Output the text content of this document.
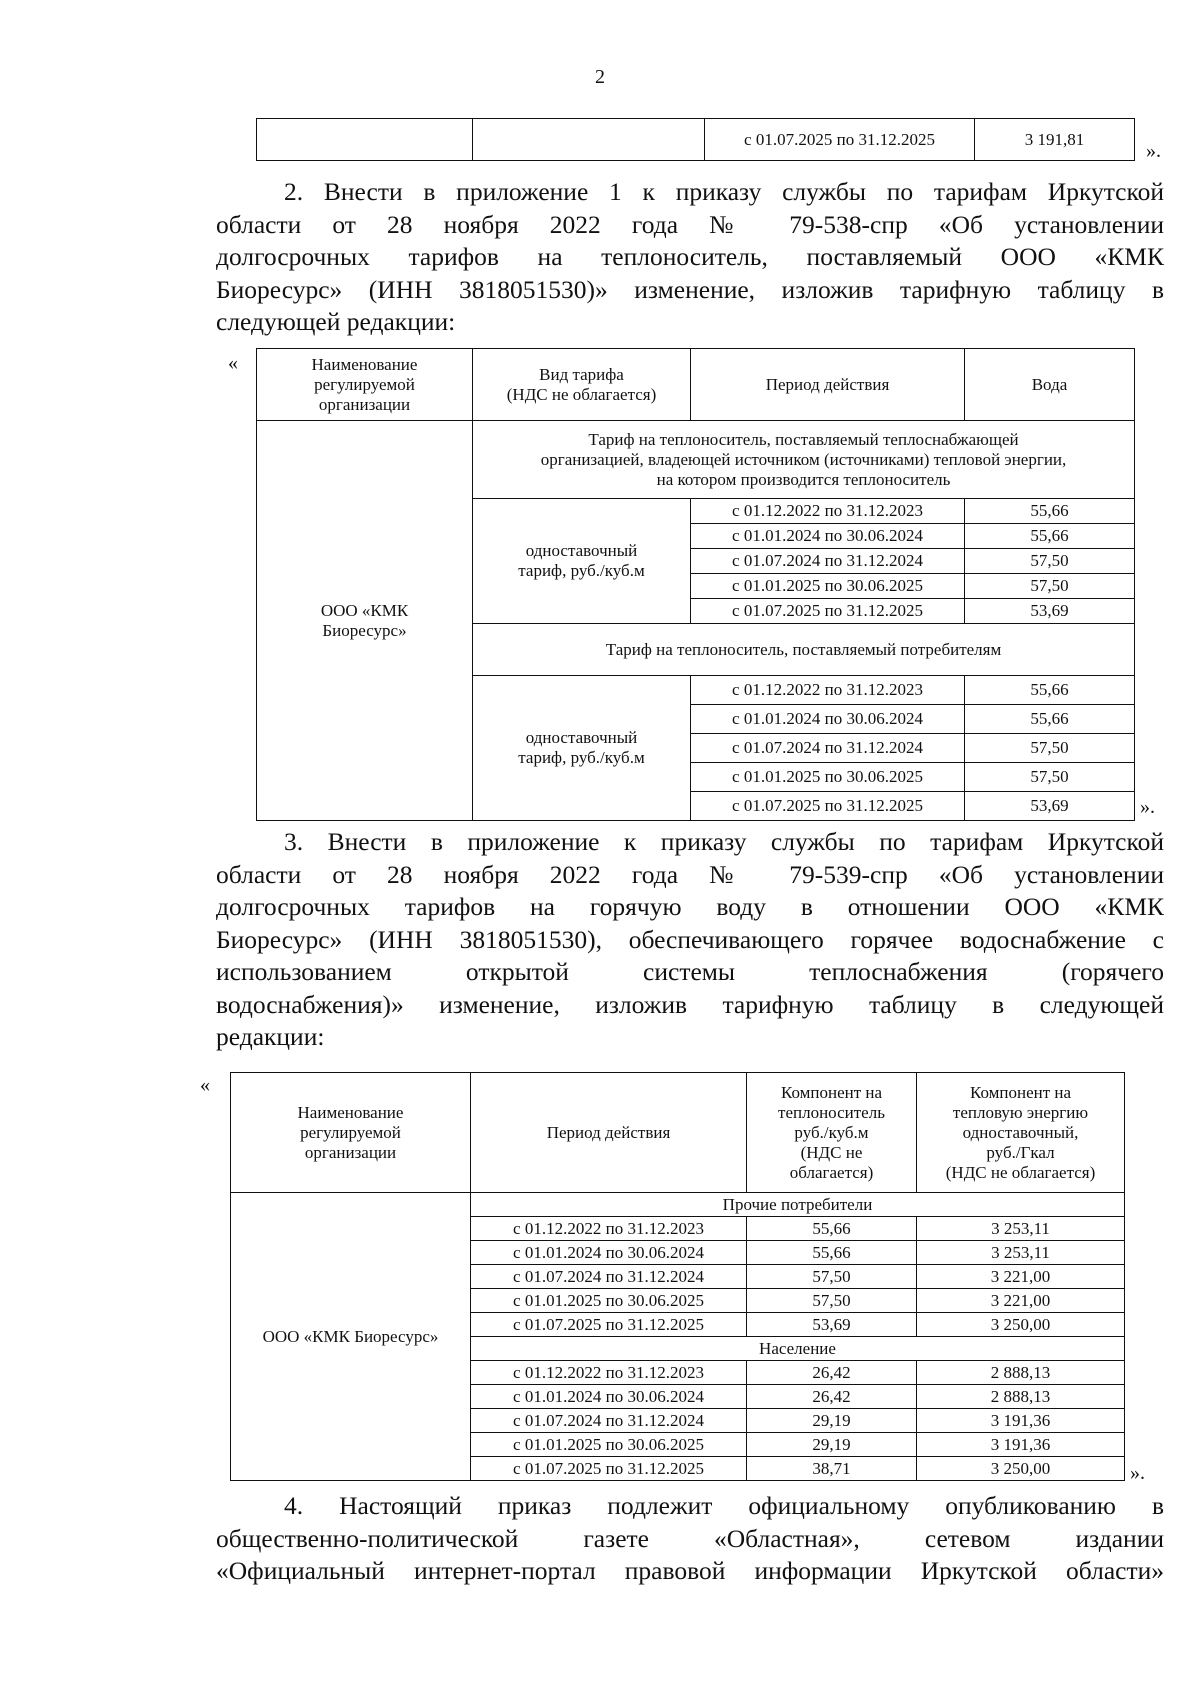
2
		с 01.07.2025 по 31.12.2025	3 191,81
».
2. Внести в приложение 1 к приказу службы по тарифам Иркутской
области от 28 ноября 2022 года № 79-538-спр «Об установлении
долгосрочных тарифов на теплоноситель, поставляемый ООО «КМК
Биоресурс» (ИНН 3818051530)» изменение, изложив тарифную таблицу в
следующей редакции:
«	Наименование
регулируемой
организации	Вид тарифа
(НДС не облагается)	Период действия	Вода

ООО «КМК
Биоресурс»	Тариф на теплоноситель, поставляемый теплоснабжающей
организацией, владеющей источником (источниками) тепловой энергии,
на котором производится теплоноситель		

	одноставочный
тариф, руб./куб.м	с 01.12.2022 по 31.12.2023	55,66
		с 01.01.2024 по 30.06.2024	55,66
		с 01.07.2024 по 31.12.2024	57,50
		с 01.01.2025 по 30.06.2025	57,50
		с 01.07.2025 по 31.12.2025	53,69
	Тариф на теплоноситель, поставляемый потребителям		

	одноставочный
тариф, руб./куб.м	с 01.12.2022 по 31.12.2023	55,66
		с 01.01.2024 по 30.06.2024	55,66
		с 01.07.2024 по 31.12.2024	57,50
		с 01.01.2025 по 30.06.2025	57,50
		с 01.07.2025 по 31.12.2025	53,69	».
3. Внести в приложение к приказу службы по тарифам Иркутской
области от 28 ноября 2022 года № 79-539-спр «Об установлении
долгосрочных тарифов на горячую воду в отношении ООО «КМК
Биоресурс» (ИНН 3818051530), обеспечивающего горячее водоснабжение с
использованием открытой системы теплоснабжения (горячего
водоснабжения)» изменение, изложив тарифную таблицу в следующей
редакции:
«
Наименование
регулируемой
организации	Период действия	Компонент на
теплоноситель
руб./куб.м
(НДС не
облагается)	Компонент на
тепловую энергию
одноставочный,
руб./Гкал
(НДС не облагается)

ООО «КМК Биоресурс»	Прочие потребители		
	с 01.12.2022 по 31.12.2023	55,66	3 253,11
	с 01.01.2024 по 30.06.2024	55,66	3 253,11
	с 01.07.2024 по 31.12.2024	57,50	3 221,00
	с 01.01.2025 по 30.06.2025	57,50	3 221,00
	с 01.07.2025 по 31.12.2025	53,69	3 250,00
	Население		
	с 01.12.2022 по 31.12.2023	26,42	2 888,13
	с 01.01.2024 по 30.06.2024	26,42	2 888,13
	с 01.07.2024 по 31.12.2024	29,19	3 191,36
	с 01.01.2025 по 30.06.2025	29,19	3 191,36
	с 01.07.2025 по 31.12.2025	38,71	3 250,00	».
4. Настоящий приказ подлежит официальному опубликованию в
общественно-политической газете «Областная», сетевом издании
«Официальный интернет-портал правовой информации Иркутской области»
